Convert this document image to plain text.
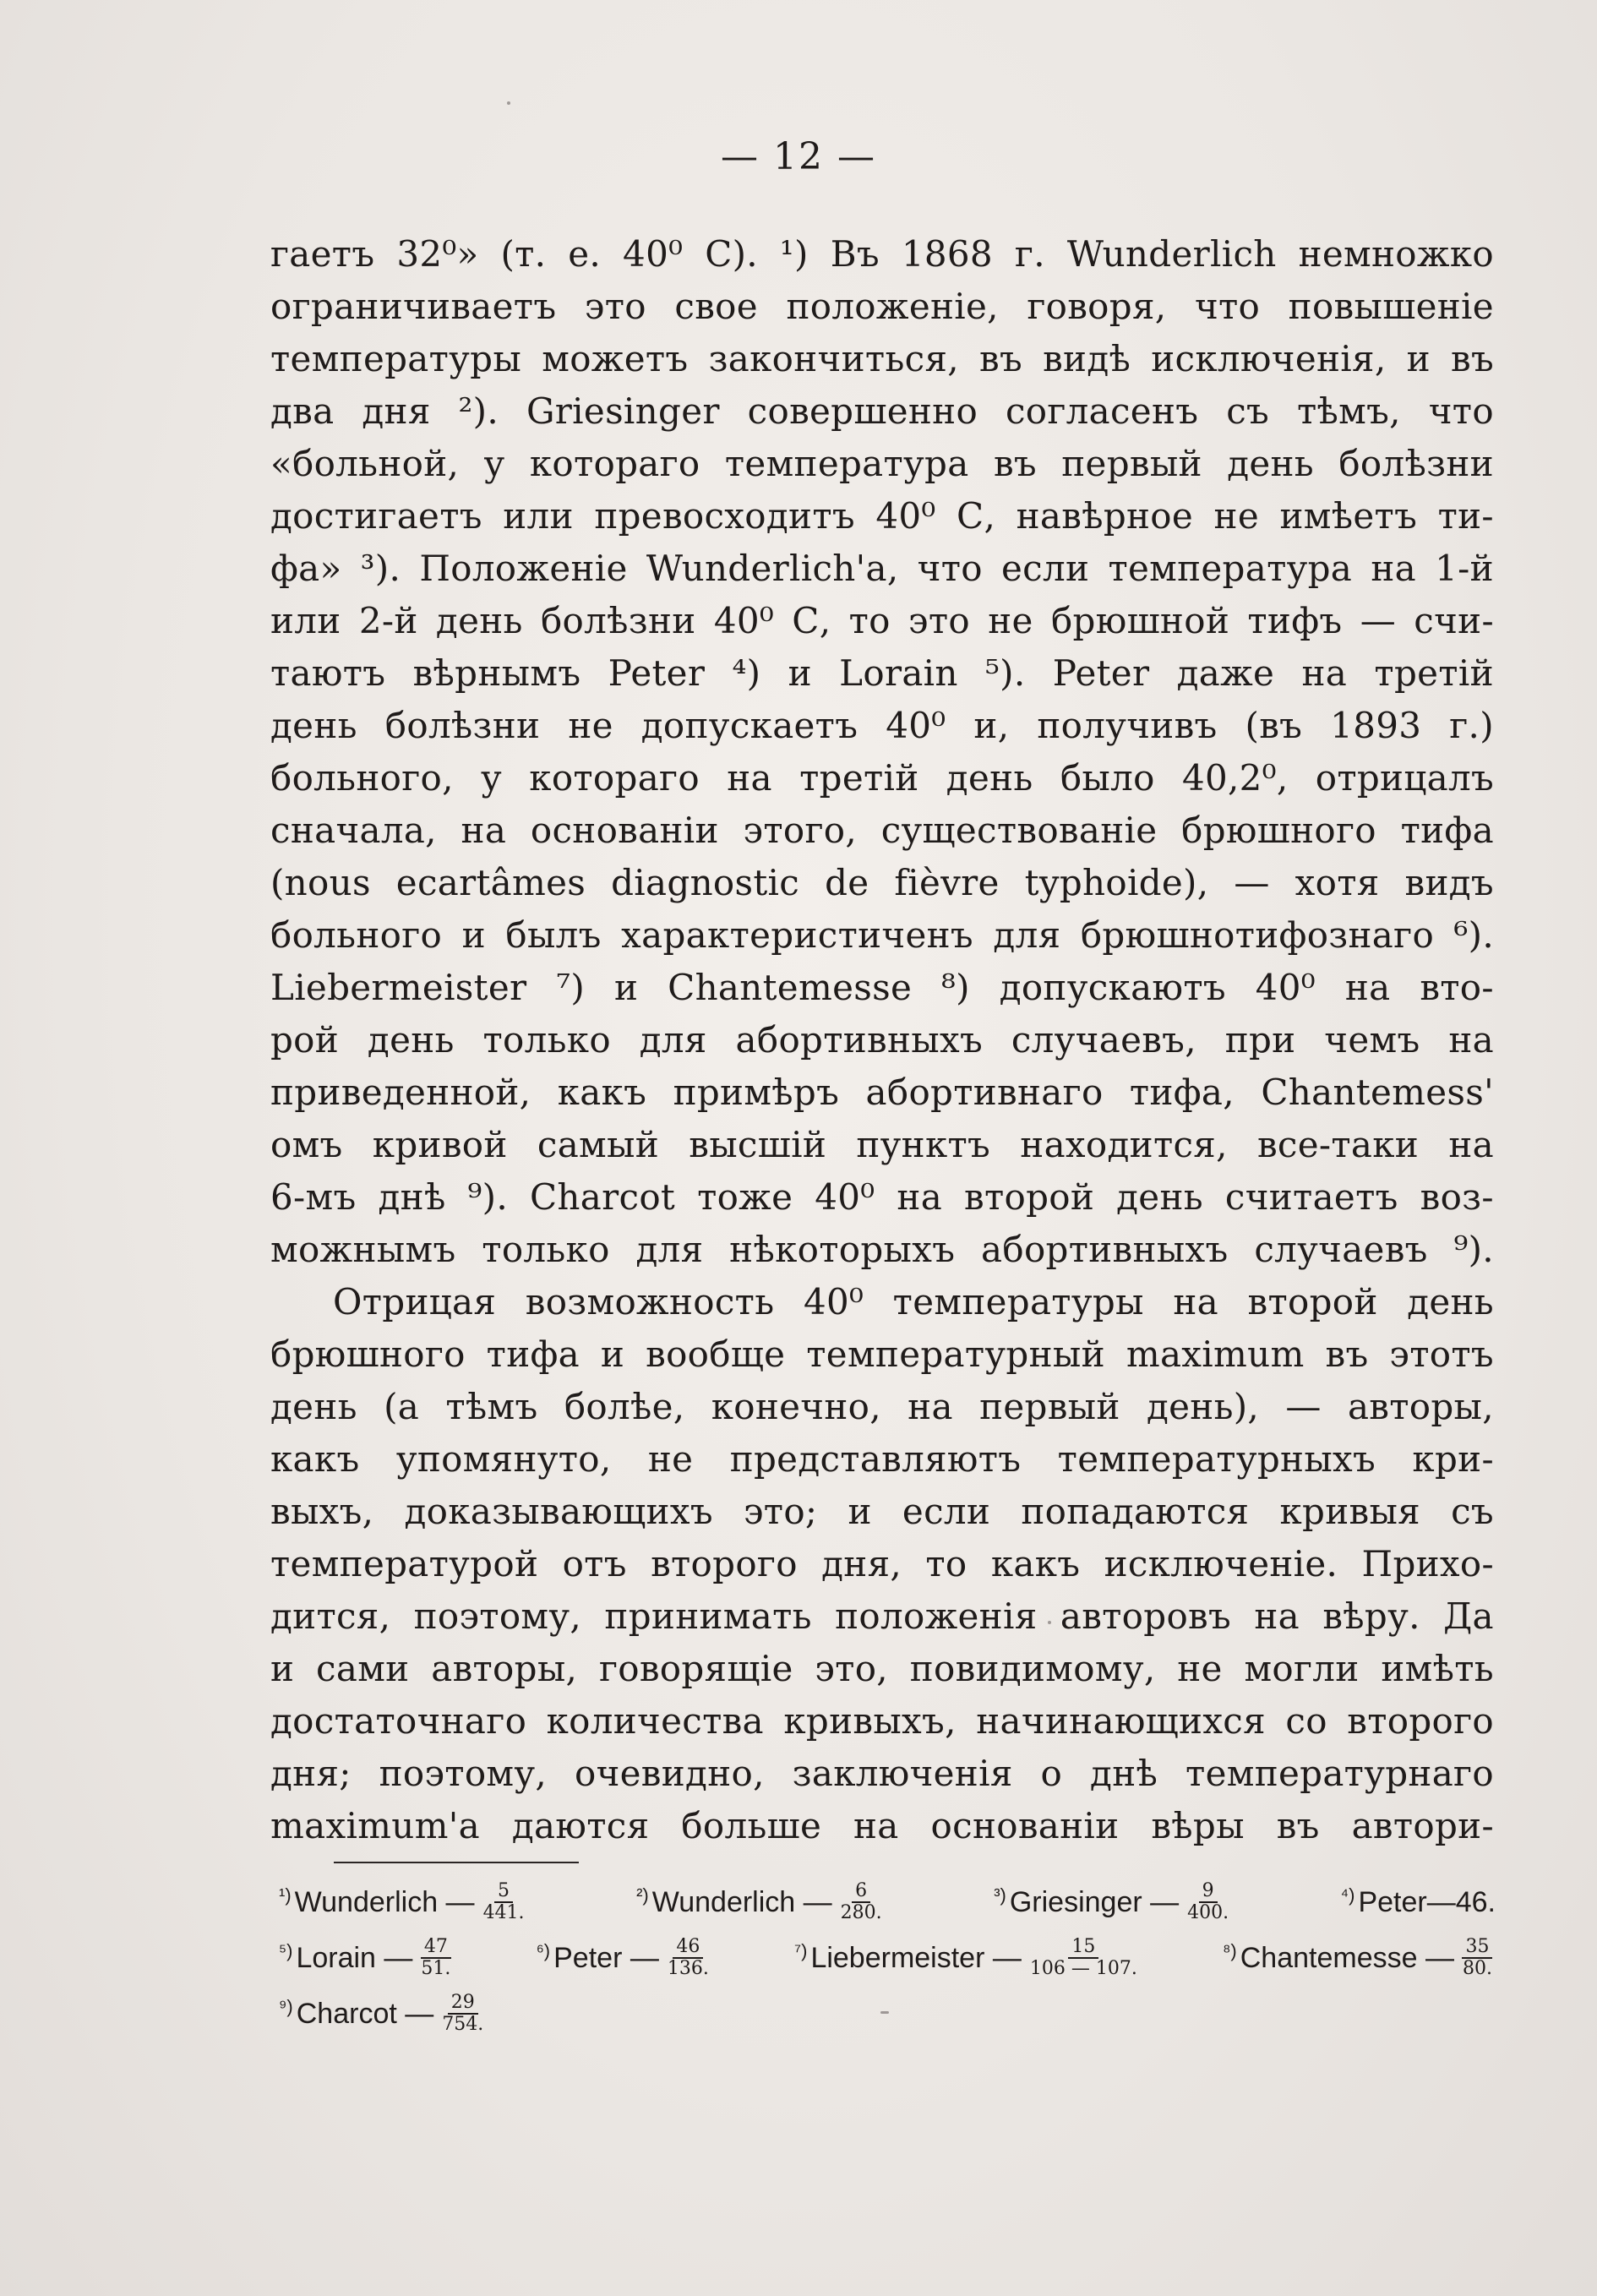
— 12 —
гаетъ 32⁰» (т. е. 40⁰ С). ¹) Въ 1868 г. Wunderlich немножко
ограничиваетъ это свое положеніе, говоря, что повышеніе
температуры можетъ закончиться, въ видѣ исключенія, и въ
два дня ²). Griesinger совершенно согласенъ съ тѣмъ, что
«больной, у котораго температура въ первый день болѣзни
достигаетъ или превосходитъ 40⁰ С, навѣрное не имѣетъ ти-
фа» ³). Положеніе Wunderlich'а, что если температура на 1-й
или 2-й день болѣзни 40⁰ С, то это не брюшной тифъ — счи-
таютъ вѣрнымъ Peter ⁴) и Lorain ⁵). Peter даже на третій
день болѣзни не допускаетъ 40⁰ и, получивъ (въ 1893 г.)
больного, у котораго на третій день было 40,2⁰, отрицалъ
сначала, на основаніи этого, существованіе брюшного тифа
(nous ecartâmes diagnostic de fièvre typhoide), — хотя видъ
больного и былъ характеристиченъ для брюшнотифознаго ⁶).
Liebermeister ⁷) и Chantemesse ⁸) допускаютъ 40⁰ на вто-
рой день только для абортивныхъ случаевъ, при чемъ на
приведенной, какъ примѣръ абортивнаго тифа, Chantemess'
омъ кривой самый высшій пунктъ находится, все-таки на
6-мъ днѣ ⁹). Charcot тоже 40⁰ на второй день считаетъ воз-
можнымъ только для нѣкоторыхъ абортивныхъ случаевъ ⁹).
Отрицая возможность 40⁰ температуры на второй день
брюшного тифа и вообще температурный maximum въ этотъ
день (а тѣмъ болѣе, конечно, на первый день), — авторы,
какъ упомянуто, не представляютъ температурныхъ кри-
выхъ, доказывающихъ это; и если попадаются кривыя съ
температурой отъ второго дня, то какъ исключеніе. Прихо-
дится, поэтому, принимать положенія авторовъ на вѣру. Да
и сами авторы, говорящіе это, повидимому, не могли имѣть
достаточнаго количества кривыхъ, начинающихся со второго
дня; поэтому, очевидно, заключенія о днѣ температурнаго
maximum'а даются больше на основаніи вѣры въ автори-
¹) Wunderlich — $\frac{5}{441.}$	²) Wunderlich — $\frac{6}{280.}$	³) Griesinger — $\frac{9}{400.}$	⁴) Peter—46.
⁵) Lorain — $\frac{47}{51.}$	⁶) Peter — $\frac{46}{136.}$	⁷) Liebermeister — $\frac{15}{106 — 107.}$	⁸) Chantemesse — $\frac{35}{80.}$
⁹) Charcot — $\frac{29}{754.}$
